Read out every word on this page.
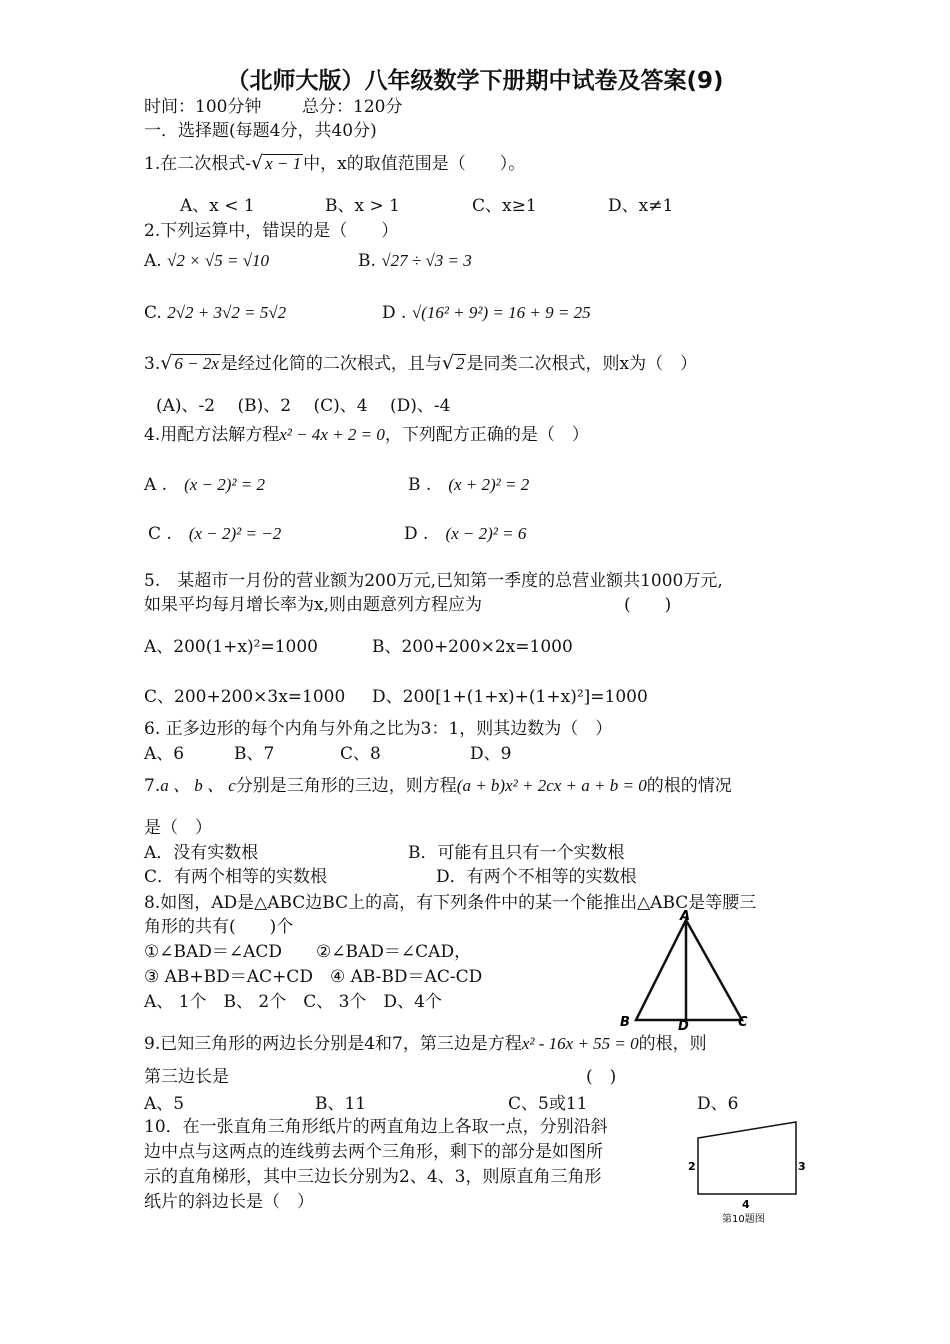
（北师大版）八年级数学下册期中试卷及答案(9)
时间：100分钟 总分：120分
一．选择题(每题4分，共40分)
1.在二次根式-√ x − 1 中，x的取值范围是（　　）。
A、x < 1	B、x > 1	C、x≥1	D、x≠1
2.下列运算中，错误的是（　　）
A. √2 × √5 = √10	B. √27 ÷ √3 = 3
C. 2√2 + 3√2 = 5√2	D . √(16² + 9²) = 16 + 9 = 25
3.√ 6 − 2x 是经过化简的二次根式，且与√ 2 是同类二次根式，则x为（　）
(A)、-2　 (B)、2　 (C)、4　 (D)、-4
4.用配方法解方程x² − 4x + 2 = 0，下列配方正确的是（　）
A .　 (x − 2)² = 2	B .　 (x + 2)² = 2
C .　 (x − 2)² = −2	D .　 (x − 2)² = 6
5.　某超市一月份的营业额为200万元,已知第一季度的总营业额共1000万元,
如果平均每月增长率为x,则由题意列方程应为	(　　)
A、200(1+x)²=1000	B、200+200×2x=1000
C、200+200×3x=1000 D、200[1+(1+x)+(1+x)²]=1000
6. 正多边形的每个内角与外角之比为3：1，则其边数为（　）
A、6	B、7	C、8	D、9
7.a 、 b 、 c分别是三角形的三边，则方程(a + b)x² + 2cx + a + b = 0的根的情况
是（　）
A．没有实数根	B．可能有且只有一个实数根
C．有两个相等的实数根	D．有两个不相等的实数根
8.如图，AD是△ABC边BC上的高，有下列条件中的某一个能推出△ABC是等腰三
角形的共有(　　)个
①∠BAD＝∠ACD　　②∠BAD＝∠CAD，
③ AB+BD＝AC+CD　④ AB-BD＝AC-CD
A、 1个　B、 2个　C、 3个　D、4个
A
B	D	C
9.已知三角形的两边长分别是4和7，第三边是方程x² - 16x + 55 = 0的根，则
第三边长是	(　)
A、5	B、11	C、5或11	D、6
10．在一张直角三角形纸片的两直角边上各取一点，分别沿斜
边中点与这两点的连线剪去两个三角形，剩下的部分是如图所
示的直角梯形，其中三边长分别为2、4、3，则原直角三角形
纸片的斜边长是（　）
2	3
4
第10题图
